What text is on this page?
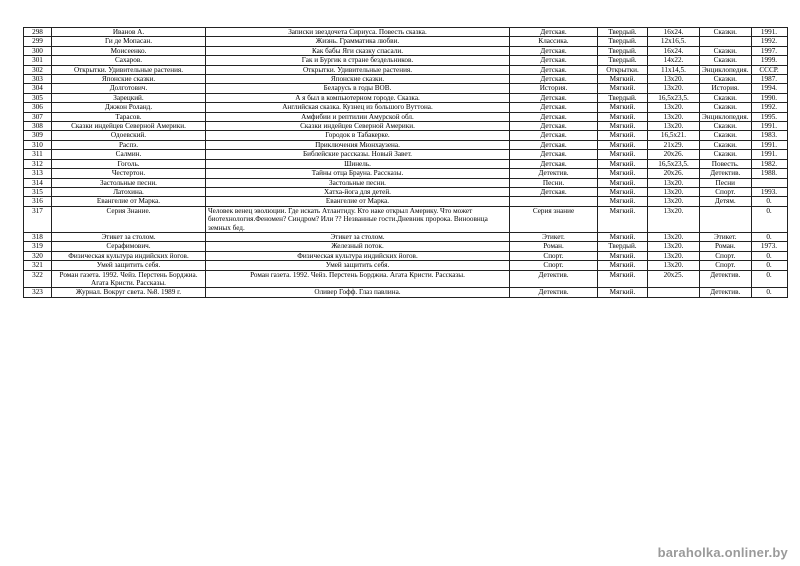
298	Иванов А.	Записки звездочета Сириуса. Повесть сказка.	Детская.	Твердый.	16х24.	Сказки.	1991.
299	Ги де Мопасан.	Жизнь. Грамматика любви.	Классика.	Твердый.	12х16,5.		1992.
300	Моисеенко.	Как бабы Яги сказку спасали.	Детская.	Твердый.	16х24.	Сказки.	1997.
301	Сахаров.	Гак и Бургик в стране бездельников.	Детская.	Твердый.	14х22.	Сказки.	1999.
302	Открытки. Удивительные растения.	Открытки. Удивительные растения.	Детская.	Открытки.	11х14,5.	Энциклопедия.	СССР.
303	Японские сказки.	Японские сказки.	Детская.	Мягкий.	13х20.	Сказки.	1987.
304	Долготович.	Беларусь в годы ВОВ.	История.	Мягкий.	13х20.	История.	1994.
305	Зарецкий.	А я был в компьютерном городе. Сказка.	Детская.	Твердый.	16,5х23,5.	Сказки.	1990.
306	Джжон Роланд.	Английская сказка. Кузнец из большого Вуттона.	Детская.	Мягкий.	13х20.	Сказки.	1992.
307	Тарасов.	Амфибии и рептилии Амурской обл.	Детская.	Мягкий.	13х20.	Энциклопедия.	1995.
308	Сказки индейцев Северной Америки.	Сказки индейцев Северной Америки.	Детская.	Мягкий.	13х20.	Сказки.	1991.
309	Одоевский.	Городок в Табакерке.	Детская.	Мягкий.	16,5х21.	Сказки.	1983.
310	Распэ.	Приключения Мюнхаузена.	Детская.	Мягкий.	21х29.	Сказки.	1991.
311	Салмин.	Библейские рассказы. Новый Завет.	Детская.	Мягкий.	20х26.	Сказки.	1991.
312	Гоголь.	Шинель.	Детская.	Мягкий.	16,5х23,5.	Повесть.	1982.
313	Честертон.	Тайны отца Брауна. Рассказы.	Детектив.	Мягкий.	20х26.	Детектив.	1988.
314	Застольные песни.	Застольные песни.	Песни.	Мягкий.	13х20.	Песни	
315	Латохина.	Хатха-йога для детей.	Детская.	Мягкий.	13х20.	Спорт.	1993.
316	Евангелие от Марка.	Евангелие от Марка.		Мягкий.	13х20.	Детям.	0.
317	Серия Знание.	Человек венец эволюции. Где искать Атлантиду. Кто иаке открыл Америку. Что может биотехнология.Феномен? Синдром? Или ?? Незванные гости.Дневник пророка. Виноовнца земных бед.	Серия знание	Мягкий.	13х20.		0.
318	Этикет за столом.	Этикет за столом.	Этикет.	Мягкий.	13х20.	Этикет.	0.
319	Серафимович.	Железный поток.	Роман.	Твердый.	13х20.	Роман.	1973.
320	Физическая культура индийских йогов.	Физическая культура индийских йогов.	Спорт.	Мягкий.	13х20.	Спорт.	0.
321	Умей защитить себя.	Умей защитить себя.	Спорт.	Мягкий.	13х20.	Спорт.	0.
322	Роман газета. 1992. Чейз. Перстень Борджиа. Агата Кристи. Рассказы.	Роман газета. 1992. Чейз. Перстень Борджиа. Агата Кристи. Рассказы.	Детектив.	Мягкий.	20х25.	Детектив.	0.
323	Журнал. Вокруг света. №8. 1989 г.	Оливер Гофф. Глаз павлина.	Детектив.	Мягкий.		Детектив.	0.
baraholka.onliner.by
